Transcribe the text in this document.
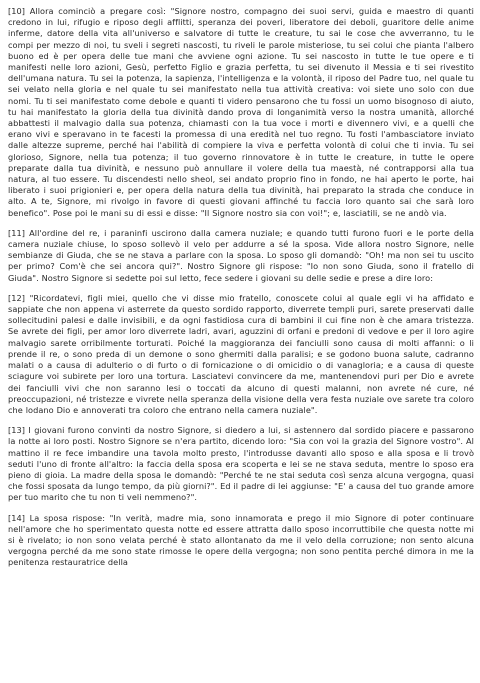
[10] Allora cominciò a pregare così: "Signore nostro, compagno dei suoi servi, guida e maestro di quanti credono in lui, rifugio e riposo degli afflitti, speranza dei poveri, liberatore dei deboli, guaritore delle anime inferme, datore della vita all'universo e salvatore di tutte le creature, tu sai le cose che avverranno, tu le compi per mezzo di noi, tu sveli i segreti nascosti, tu riveli le parole misteriose, tu sei colui che pianta l'albero buono ed è per opera delle tue mani che avviene ogni azione. Tu sei nascosto in tutte le tue opere e ti manifesti nelle loro azioni, Gesù, perfetto Figlio e grazia perfetta, tu sei divenuto il Messia e ti sei rivestito dell'umana natura. Tu sei la potenza, la sapienza, l'intelligenza e la volontà, il riposo del Padre tuo, nel quale tu sei velato nella gloria e nel quale tu sei manifestato nella tua attività creativa: voi siete uno solo con due nomi. Tu ti sei manifestato come debole e quanti ti videro pensarono che tu fossi un uomo bisognoso di aiuto, tu hai manifestato la gloria della tua divinità dando prova di longanimità verso la nostra umanità, allorché abbattesti il malvagio dalla sua potenza, chiamasti con la tua voce i morti e divennero vivi, e a quelli che erano vivi e speravano in te facesti la promessa di una eredità nel tuo regno. Tu fosti l'ambasciatore inviato dalle altezze supreme, perché hai l'abilità di compiere la viva e perfetta volontà di colui che ti invia. Tu sei glorioso, Signore, nella tua potenza; il tuo governo rinnovatore è in tutte le creature, in tutte le opere preparate dalla tua divinità, e nessuno può annullare il volere della tua maestà, né contrapporsi alla tua natura, al tuo essere. Tu discendesti nello sheol, sei andato proprio fino in fondo, ne hai aperto le porte, hai liberato i suoi prigionieri e, per opera della natura della tua divinità, hai preparato la strada che conduce in alto. A te, Signore, mi rivolgo in favore di questi giovani affinché tu faccia loro quanto sai che sarà loro benefico". Pose poi le mani su di essi e disse: "Il Signore nostro sia con voi!"; e, lasciatili, se ne andò via.

[11] All'ordine del re, i paraninfi uscirono dalla camera nuziale; e quando tutti furono fuori e le porte della camera nuziale chiuse, lo sposo sollevò il velo per addurre a sé la sposa. Vide allora nostro Signore, nelle sembianze di Giuda, che se ne stava a parlare con la sposa. Lo sposo gli domandò: "Oh! ma non sei tu uscito per primo? Com'è che sei ancora qui?". Nostro Signore gli rispose: "Io non sono Giuda, sono il fratello di Giuda". Nostro Signore si sedette poi sul letto, fece sedere i giovani su delle sedie e prese a dire loro:

[12] "Ricordatevi, figli miei, quello che vi disse mio fratello, conoscete colui al quale egli vi ha affidato e sappiate che non appena vi asterrete da questo sordido rapporto, diverrete templi puri, sarete preservati dalle sollecitudini palesi e dalle invisibili, e da ogni fastidiosa cura di bambini il cui fine non è che amara tristezza. Se avrete dei figli, per amor loro diverrete ladri, avari, aguzzini di orfani e predoni di vedove e per il loro agire malvagio sarete orribilmente torturati. Poiché la maggioranza dei fanciulli sono causa di molti affanni: o li prende il re, o sono preda di un demone o sono ghermiti dalla paralisi; e se godono buona salute, cadranno malati o a causa di adulterio o di furto o di fornicazione o di omicidio o di vanagloria; e a causa di queste sciagure voi subirete per loro una tortura. Lasciatevi convincere da me, mantenendovi puri per Dio e avrete dei fanciulli vivi che non saranno lesi o toccati da alcuno di questi malanni, non avrete né cure, né preoccupazioni, né tristezze e vivrete nella speranza della visione della vera festa nuziale ove sarete tra coloro che lodano Dio e annoverati tra coloro che entrano nella camera nuziale".

[13] I giovani furono convinti da nostro Signore, si diedero a lui, si astennero dal sordido piacere e passarono la notte ai loro posti. Nostro Signore se n'era partito, dicendo loro: "Sia con voi la grazia del Signore vostro". Al mattino il re fece imbandire una tavola molto presto, l'introdusse davanti allo sposo e alla sposa e li trovò seduti l'uno di fronte all'altro: la faccia della sposa era scoperta e lei se ne stava seduta, mentre lo sposo era pieno di gioia. La madre della sposa le domandò: "Perché te ne stai seduta così senza alcuna vergogna, quasi che fossi sposata da lungo tempo, da più giorni?". Ed il padre di lei aggiunse: "E' a causa del tuo grande amore per tuo marito che tu non ti veli nemmeno?".

[14] La sposa rispose: "In verità, madre mia, sono innamorata e prego il mio Signore di poter continuare nell'amore che ho sperimentato questa notte ed essere attratta dallo sposo incorruttibile che questa notte mi si è rivelato; io non sono velata perché è stato allontanato da me il velo della corruzione; non sento alcuna vergogna perché da me sono state rimosse le opere della vergogna; non sono pentita perché dimora in me la penitenza restauratrice della
